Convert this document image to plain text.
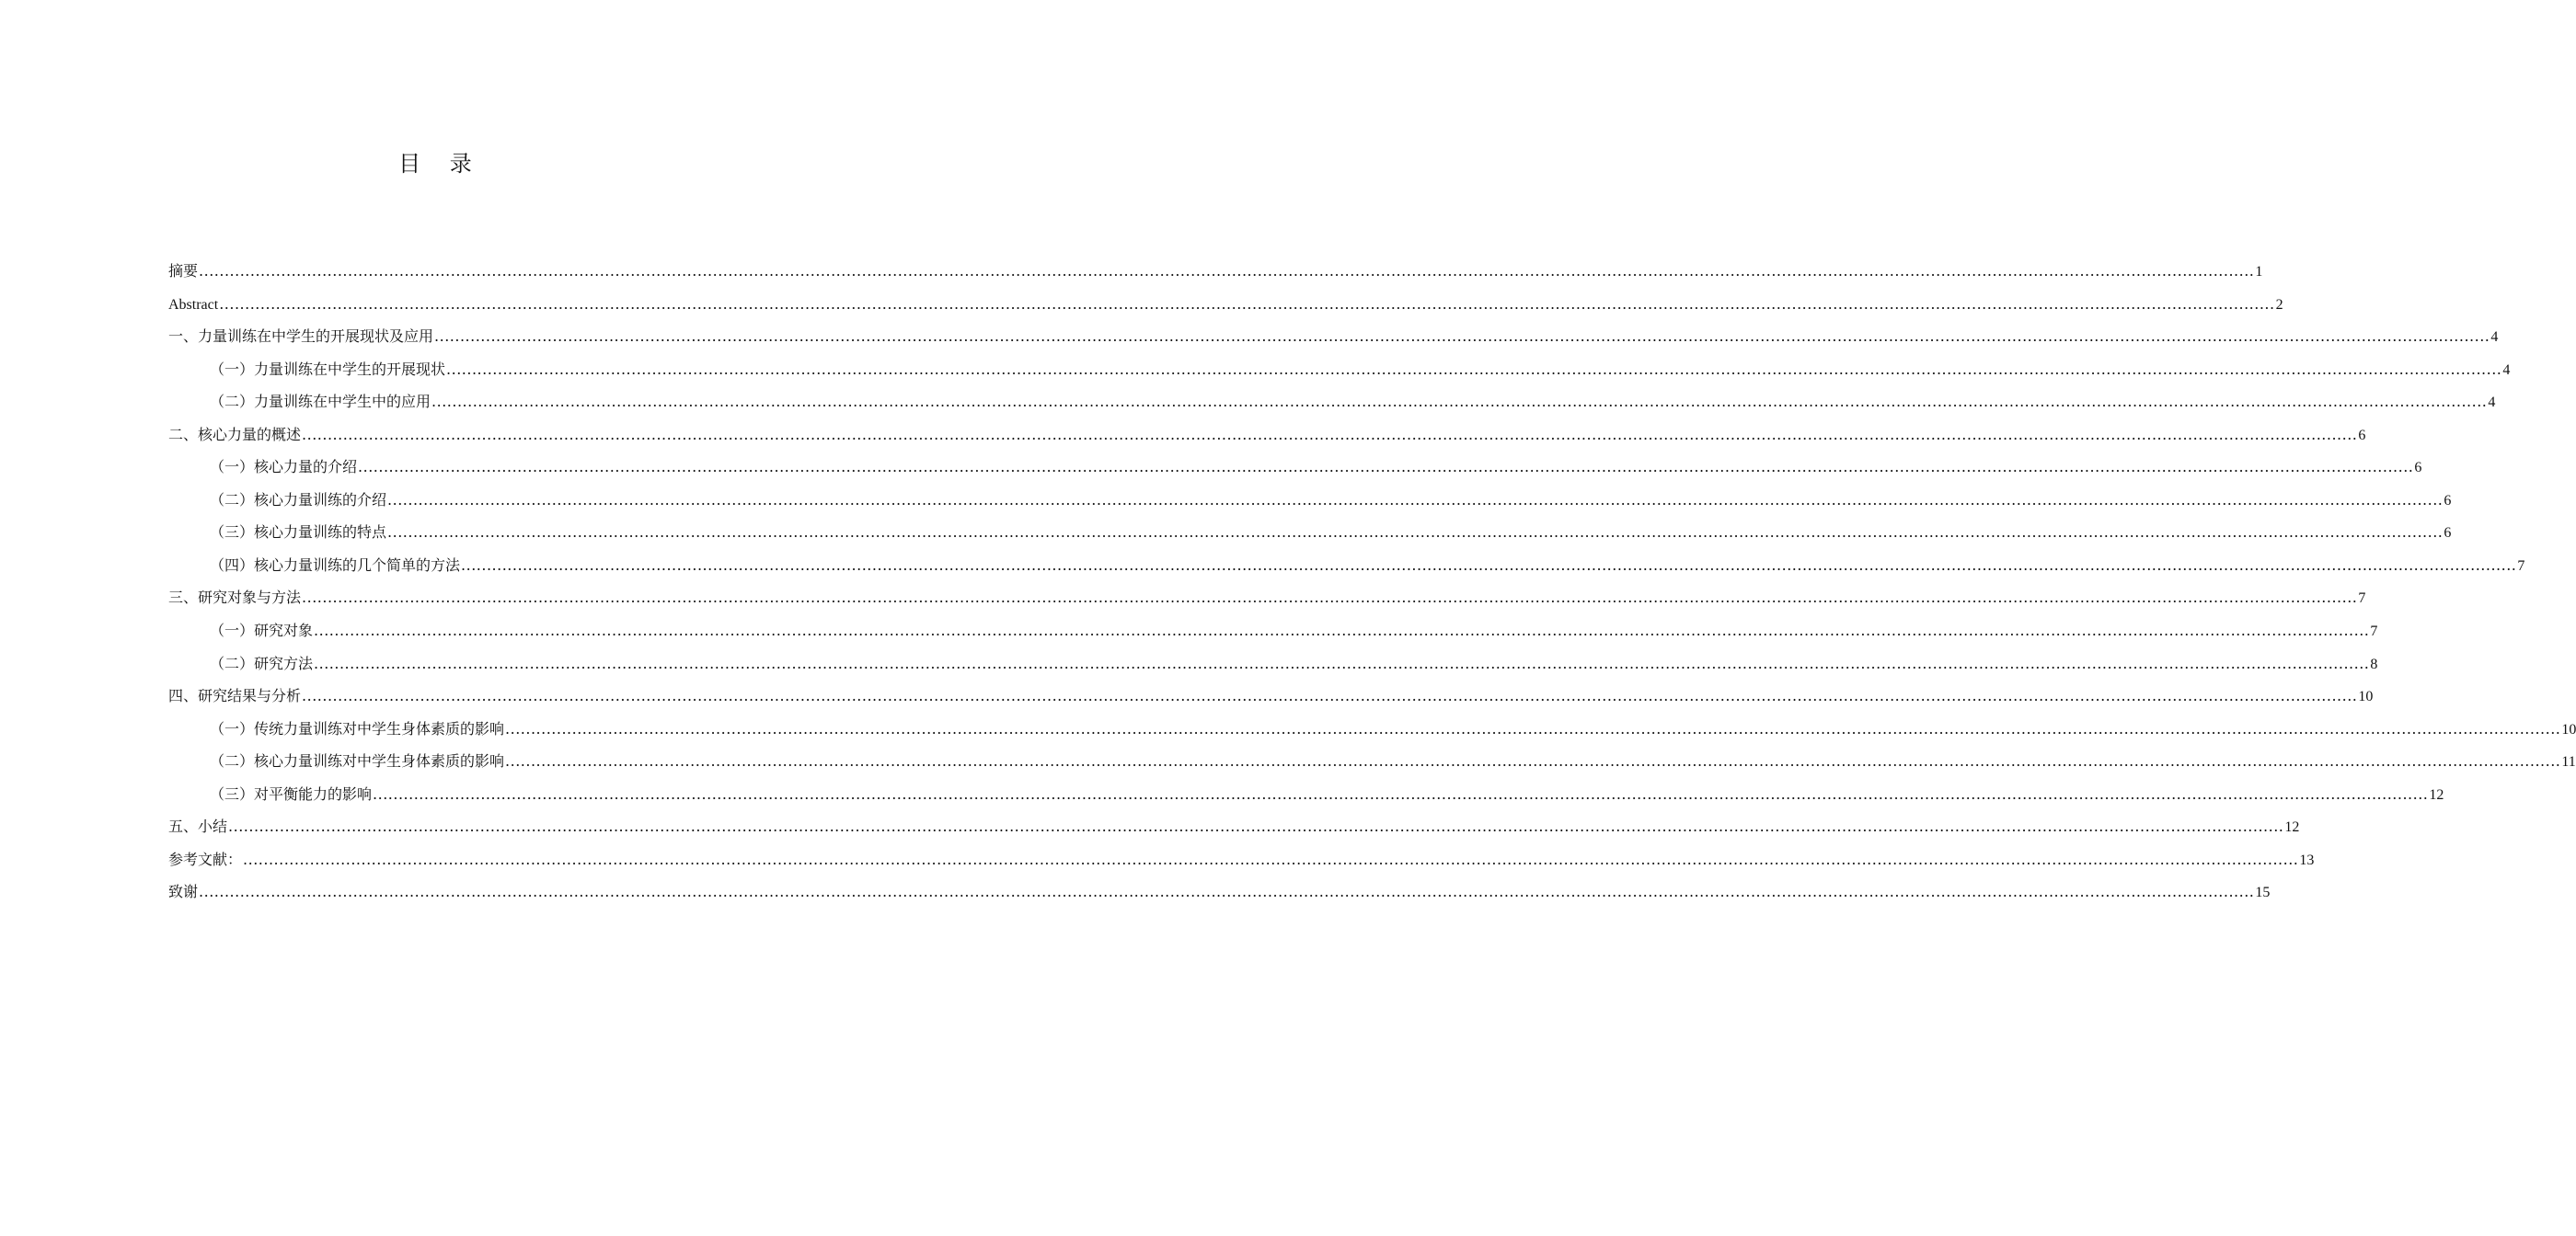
目 录
摘要 ................................................................................................................................................................................................................................................................................................................................................................................................................ 1
Abstract ................................................................................................................................................................................................................................................................................................................................................................................................................ 2
一、力量训练在中学生的开展现状及应用 ................................................................................................................................................................................................................................................................................................................................................................................................................ 4
（一）力量训练在中学生的开展现状 ................................................................................................................................................................................................................................................................................................................................................................................................................ 4
（二）力量训练在中学生中的应用 ................................................................................................................................................................................................................................................................................................................................................................................................................ 4
二、核心力量的概述 ................................................................................................................................................................................................................................................................................................................................................................................................................ 6
（一）核心力量的介绍 ................................................................................................................................................................................................................................................................................................................................................................................................................ 6
（二）核心力量训练的介绍 ................................................................................................................................................................................................................................................................................................................................................................................................................ 6
（三）核心力量训练的特点 ................................................................................................................................................................................................................................................................................................................................................................................................................ 6
（四）核心力量训练的几个简单的方法 ................................................................................................................................................................................................................................................................................................................................................................................................................ 7
三、研究对象与方法 ................................................................................................................................................................................................................................................................................................................................................................................................................ 7
（一）研究对象 ................................................................................................................................................................................................................................................................................................................................................................................................................ 7
（二）研究方法 ................................................................................................................................................................................................................................................................................................................................................................................................................ 8
四、研究结果与分析 ................................................................................................................................................................................................................................................................................................................................................................................................................ 10
（一）传统力量训练对中学生身体素质的影响 ................................................................................................................................................................................................................................................................................................................................................................................................................ 10
（二）核心力量训练对中学生身体素质的影响 ................................................................................................................................................................................................................................................................................................................................................................................................................ 11
（三）对平衡能力的影响 ................................................................................................................................................................................................................................................................................................................................................................................................................ 12
五、小结 ................................................................................................................................................................................................................................................................................................................................................................................................................ 12
参考文献： ................................................................................................................................................................................................................................................................................................................................................................................................................ 13
致谢 ................................................................................................................................................................................................................................................................................................................................................................................................................ 15
